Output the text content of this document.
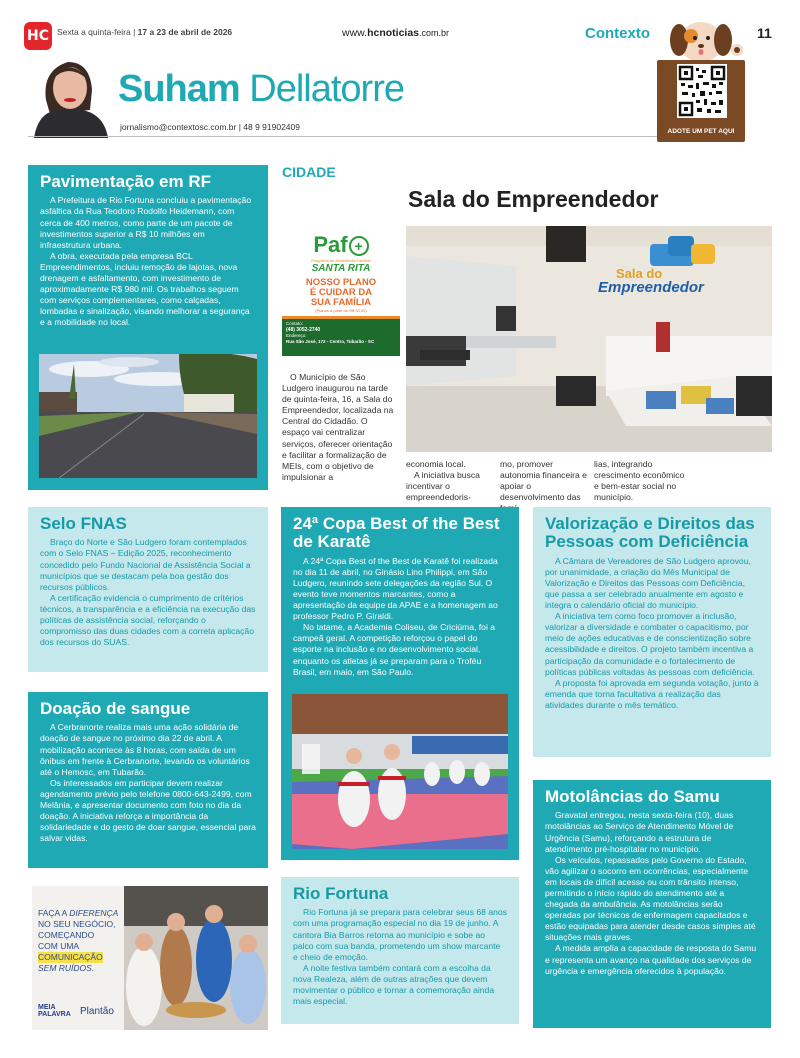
HC Sexta a quinta-feira | 17 a 23 de abril de 2026	www.hcnoticias.com.br	Contexto	11
Suham Dellatorre
jornalismo@contextosc.com.br | 48 9 91902409	ADOTE UM PET AQUI
Pavimentação em RF

A Prefeitura de Rio Fortuna concluiu a pavimentação asfáltica da Rua Teodoro Rodolfo Heidemann, com cerca de 400 metros, como parte de um pacote de investimentos superior a R$ 10 milhões em infraestrutura urbana.

A obra, executada pela empresa BCL Empreendimentos, incluiu remoção de lajotas, nova drenagem e asfaltamento, com investimento de aproximadamente R$ 980 mil. Os trabalhos seguem com serviços complementares, como calçadas, lombadas e sinalização, visando melhorar a segurança e a mobilidade no local.

CIDADE
Sala do Empreendedor
Paf +
Programa de Assistência Familiar
SANTA RITA
NOSSO PLANO
É CUIDAR DA
SUA FAMÍLIA
(Planos a partir de R$ 33,00)
Contato:
(48) 3052-2740
Endereço:
Rua São José, 172 - Centro, Tubarão - SC

O Município de São Ludgero inaugurou na tarde de quinta-feira, 16, a Sala do Empreendedor, localizada na Central do Cidadão. O espaço vai centralizar serviços, oferecer orientação e facilitar a formalização de MEIs, com o objetivo de impulsionar a

Sala do
Empreendedor

economia local.

A iniciativa busca incentivar o empreendedoris-

mo, promover autonomia financeira e apoiar o desenvolvimento das

lias, integrando crescimento econômico e bem-estar social no município.

Selo FNAS

Braço do Norte e São Ludgero foram contemplados com o Selo FNAS – Edição 2025, reconhecimento concedido pelo Fundo Nacional de Assistência Social a municípios que se destacam pela boa gestão dos recursos públicos.

A certificação evidencia o cumprimento de critérios técnicos, a transparência e a eficiência na execução das políticas de assistência social, reforçando o compromisso das duas cidades com a correta aplicação dos recursos do SUAS.

24ª Copa Best of the Best de Karatê

A 24ª Copa Best of the Best de Karatê foi realizada no dia 11 de abril, no Ginásio Lino Philippi, em São Ludgero, reunindo sete delegações da região Sul. O evento teve momentos marcantes, como a apresentação da equipe da APAE e a homenagem ao professor Pedro P. Giraldi.

No tatame, a Academia Coliseu, de Criciúma, foi a campeã geral. A competição reforçou o papel do esporte na inclusão e no desenvolvimento social, enquanto os atletas já se preparam para o Troféu Brasil, em maio, em São Paulo.

Valorização e Direitos das Pessoas com Deficiência

A Câmara de Vereadores de São Ludgero aprovou, por unanimidade, a criação do Mês Municipal de Valorização e Direitos das Pessoas com Deficiência, que passa a ser celebrado anualmente em agosto e integra o calendário oficial do município.

A iniciativa tem como foco promover a inclusão, valorizar a diversidade e combater o capacitismo, por meio de ações educativas e de conscientização sobre acessibilidade e direitos. O projeto também incentiva a participação da comunidade e o fortalecimento de políticas públicas voltadas às pessoas com deficiência.

A proposta foi aprovada em segunda votação, junto à emenda que torna facultativa a realização das atividades durante o mês temático.

Doação de sangue

A Cerbranorte realiza mais uma ação solidária de doação de sangue no próximo dia 22 de abril. A mobilização acontece às 8 horas, com saída de um ônibus em frente à Cerbranorte, levando os voluntários até o Hemosc, em Tubarão.

Os interessados em participar devem realizar agendamento prévio pelo telefone 0800-643-2499, com Melânia, e apresentar documento com foto no dia da doação. A iniciativa reforça a importância da solidariedade e do gesto de doar sangue, essencial para salvar vidas.

Motolâncias do Samu

Gravatal entregou, nesta sexta-feira (10), duas motolâncias ao Serviço de Atendimento Móvel de Urgência (Samu), reforçando a estrutura de atendimento pré-hospitalar no município.

Os veículos, repassados pelo Governo do Estado, vão agilizar o socorro em ocorrências, especialmente em locais de difícil acesso ou com trânsito intenso, permitindo o início rápido do atendimento até a chegada da ambulância. As motolâncias serão operadas por técnicos de enfermagem capacitados e estão equipadas para atender desde casos simples até situações mais graves.

A medida amplia a capacidade de resposta do Samu e representa um avanço na qualidade dos serviços de urgência e emergência oferecidos à população.

Rio Fortuna

Rio Fortuna já se prepara para celebrar seus 68 anos com uma programação especial no dia 19 de junho. A cantora Bia Barros retorna ao município e sobe ao palco com sua banda, prometendo um show marcante e cheio de emoção.

A noite festiva também contará com a escolha da nova Realeza, além de outras atrações que devem movimentar o público e tornar a comemoração ainda mais especial.

FAÇA A DIFERENÇA
NO SEU NEGÓCIO,
COMEÇANDO
COM UMA
COMUNICAÇÃO
SEM RUÍDOS.
MEIA
PALAVRA Plantão
